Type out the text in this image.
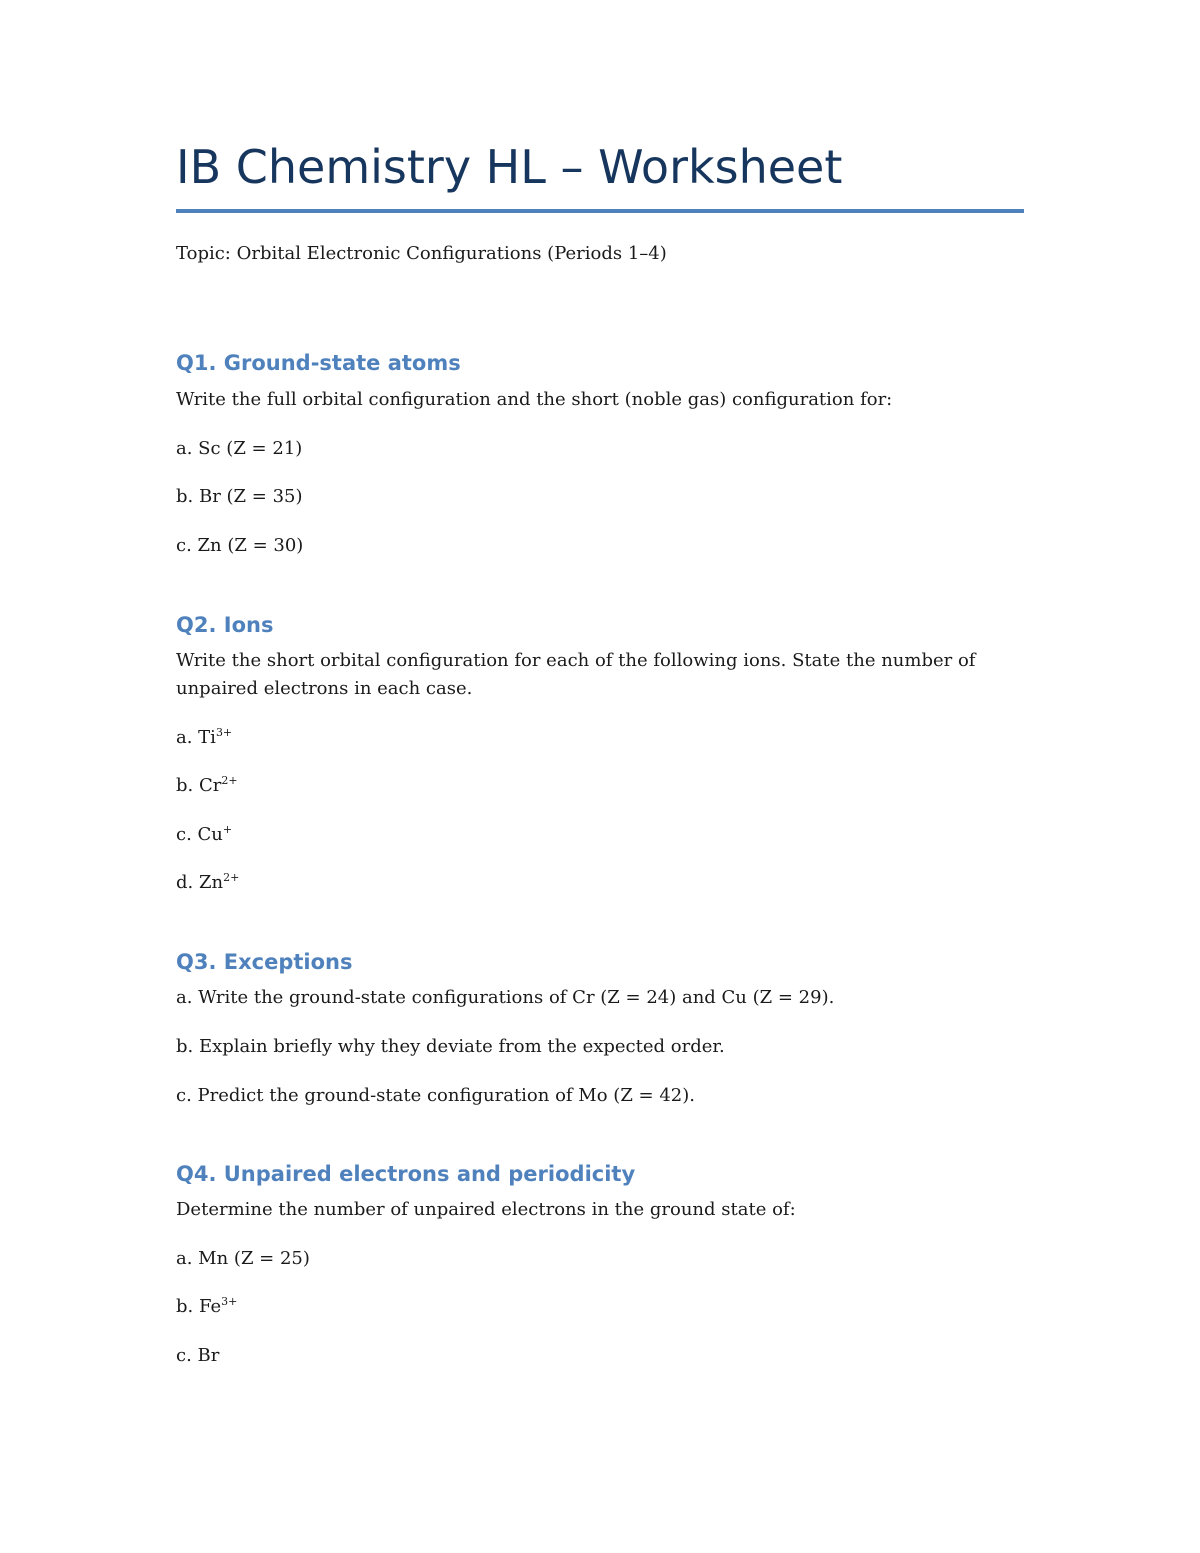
IB Chemistry HL – Worksheet
Topic: Orbital Electronic Configurations (Periods 1–4)
Q1. Ground-state atoms
Write the full orbital configuration and the short (noble gas) configuration for:
a. Sc (Z = 21)
b. Br (Z = 35)
c. Zn (Z = 30)
Q2. Ions
Write the short orbital configuration for each of the following ions. State the number of unpaired electrons in each case.
a. $Ti^{3+}$
b. $Cr^{2+}$
c. Cu+
d. $Zn^{2+}$
Q3. Exceptions
a. Write the ground-state configurations of Cr (Z = 24) and Cu (Z = 29).
b. Explain briefly why they deviate from the expected order.
c. Predict the ground-state configuration of Mo (Z = 42).
Q4. Unpaired electrons and periodicity
Determine the number of unpaired electrons in the ground state of:
a. Mn (Z = 25)
b. $Fe^{3+}$
c. Br
